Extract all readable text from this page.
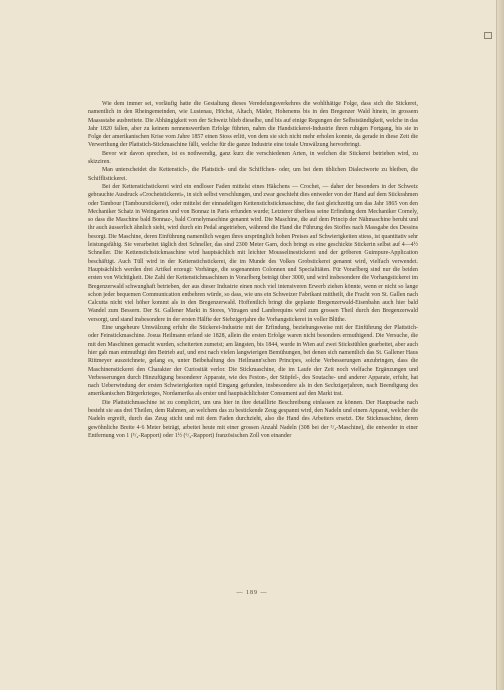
Wie dem immer sei, vorläufig hatte die Gestaltung dieses Veredelungsverkehres die wohlthätige Folge, dass sich die Stickerei, namentlich in den Rheingemeinden, wie Lustenau, Höchst, Altach, Mäder, Hohenems bis in den Bregenzer Wald hinein, in grossem Maassstabe ausbreitete. Die Abhängigkeit von der Schweiz blieb dieselbe, und bis auf einige Regungen der Selbstständigkeit, welche in das Jahr 1820 fallen, aber zu keinem nennenswerthen Erfolge führten, nahm die Handstickerei-Industrie ihren ruhigen Fortgang, bis sie in Folge der amerikanischen Krise vom Jahre 1857 einen Stoss erlitt, von dem sie sich nicht mehr erholen konnte, da gerade in diese Zeit die Verwerthung der Plattstich-Stickmaschine fällt, welche für die ganze Industrie eine totale Umwälzung hervorbringt.

Bevor wir davon sprechen, ist es nothwendig, ganz kurz die verschiedenen Arten, in welchen die Stickerei betrieben wird, zu skizziren.

Man unterscheidet die Kettenstich-, die Plattstich- und die Schiffchen- oder, um bei dem üblichen Dialectworte zu bleiben, die Schifflistickerei.

Bei der Kettenstichstickerei wird ein endloser Faden mittelst eines Häkchens — Crochet, — daher der besonders in der Schweiz gebrauchte Ausdruck «Crochetstickerei», in sich selbst verschlungen, und zwar geschieht dies entweder von der Hand auf dem Stickrahmen oder Tambour (Tambourstickerei), oder mittelst der einnadeligen Kettenstichstickmaschine, die fast gleichzeitig um das Jahr 1865 von den Mechaniker Schatz in Weingarten und von Bonnaz in Paris erfunden wurde; Letzterer überliess seine Erfindung dem Mechaniker Cornely, so dass die Maschine bald Bonnaz-, bald Cornelymaschine genannt wird. Die Maschine, die auf dem Princip der Nähmaschine beruht und ihr auch äusserlich ähnlich sieht, wird durch ein Pedal angetrieben, während die Hand die Führung des Stoffes nach Massgabe des Dessins besorgt. Die Maschine, deren Einführung namentlich wegen ihres ursprünglich hohen Preises auf Schwierigkeiten stiess, ist quantitativ sehr leistungsfähig. Sie verarbeitet täglich drei Schneller, das sind 2300 Meter Garn, doch bringt es eine geschickte Stickerin selbst auf 4—4½ Schneller. Die Kettenstichstickmaschine wird hauptsächlich mit leichter Mousselinestickerei und der gröberen Guimpure-Application beschäftigt. Auch Tüll wird in der Kettenstichstickerei, die im Munde des Volkes Grobstickerei genannt wird, vielfach verwendet. Hauptsächlich werden drei Artikel erzeugt: Vorhänge, die sogenannten Colonnen und Specialitäten. Für Vorarlberg sind nur die beiden ersten von Wichtigkeit. Die Zahl der Kettenstichmaschinen in Vorarlberg beträgt über 3000, und wird insbesondere die Vorhangstickerei im Bregenzerwald schwunghaft betrieben, der aus dieser Industrie einen noch viel intensiveren Erwerb ziehen könnte, wenn er nicht so lange schon jeder bequemen Communication entbehren würde, so dass, wie uns ein Schweizer Fabrikant mittheilt, die Fracht von St. Gallen nach Calcutta nicht viel höher kommt als in den Bregenzerwald. Hoffentlich bringt die geplante Bregenzerwald-Eisenbahn auch hier bald Wandel zum Bessern. Der St. Gallener Markt in Stores, Vitragen und Lambrequins wird zum grossen Theil durch den Bregenzerwald versorgt, und stand insbesondere in der ersten Hälfte der Siebzigerjahre die Vorhangstickerei in voller Blüthe.

Eine ungeheure Umwälzung erfuhr die Stickerei-Industrie mit der Erfindung, beziehungsweise mit der Einführung der Plattstich- oder Feinstickmaschine. Josua Heilmann erfand sie 1828, allein die ersten Erfolge waren nicht besonders ermuthigend. Die Versuche, die mit den Maschinen gemacht wurden, scheiterten zumeist; am längsten, bis 1844, wurde in Wien auf zwei Stickstühlen gearbeitet, aber auch hier gab man entmuthigt den Betrieb auf, und erst nach vielen langwierigen Bemühungen, bei denen sich namentlich das St. Gallener Haus Rittmeyer auszeichnete, gelang es, unter Beibehaltung des Heilmann'schen Principes, solche Verbesserungen anzubringen, dass die Maschinenstickerei den Charakter der Curiosität verlor. Die Stickmaschine, die im Laufe der Zeit noch vielfache Ergänzungen und Verbesserungen durch Hinzufügung besonderer Apparate, wie des Feston-, der Stüpfel-, des Soutache- und anderer Apparate, erfuhr, hat nach Ueberwindung der ersten Schwierigkeiten rapid Eingang gefunden, insbesondere als in den Sechzigerjahren, nach Beendigung des amerikanischen Bürgerkrieges, Nordamerika als erster und hauptsächlichster Consument auf den Markt trat.

Die Plattstichmaschine ist zu complicirt, um uns hier in ihre detaillirte Beschreibung einlassen zu können. Der Hauptsache nach besteht sie aus drei Theilen, dem Rahmen, an welchem das zu bestickende Zeug gespannt wird, den Nadeln und einem Apparat, welcher die Nadeln ergreift, durch das Zeug sticht und mit dem Faden durchzieht, also die Hand des Arbeiters ersetzt. Die Stickmaschine, deren gewöhnliche Breite 4·6 Meter beträgt, arbeitet heute mit einer grossen Anzahl Nadeln (308 bei der ⁵/₄-Maschine), die entweder in einer Entfernung von 1 (⁵/₄-Rapport) oder 1½ (⁶/₄-Rapport) französischen Zoll von einander

— 189 —
